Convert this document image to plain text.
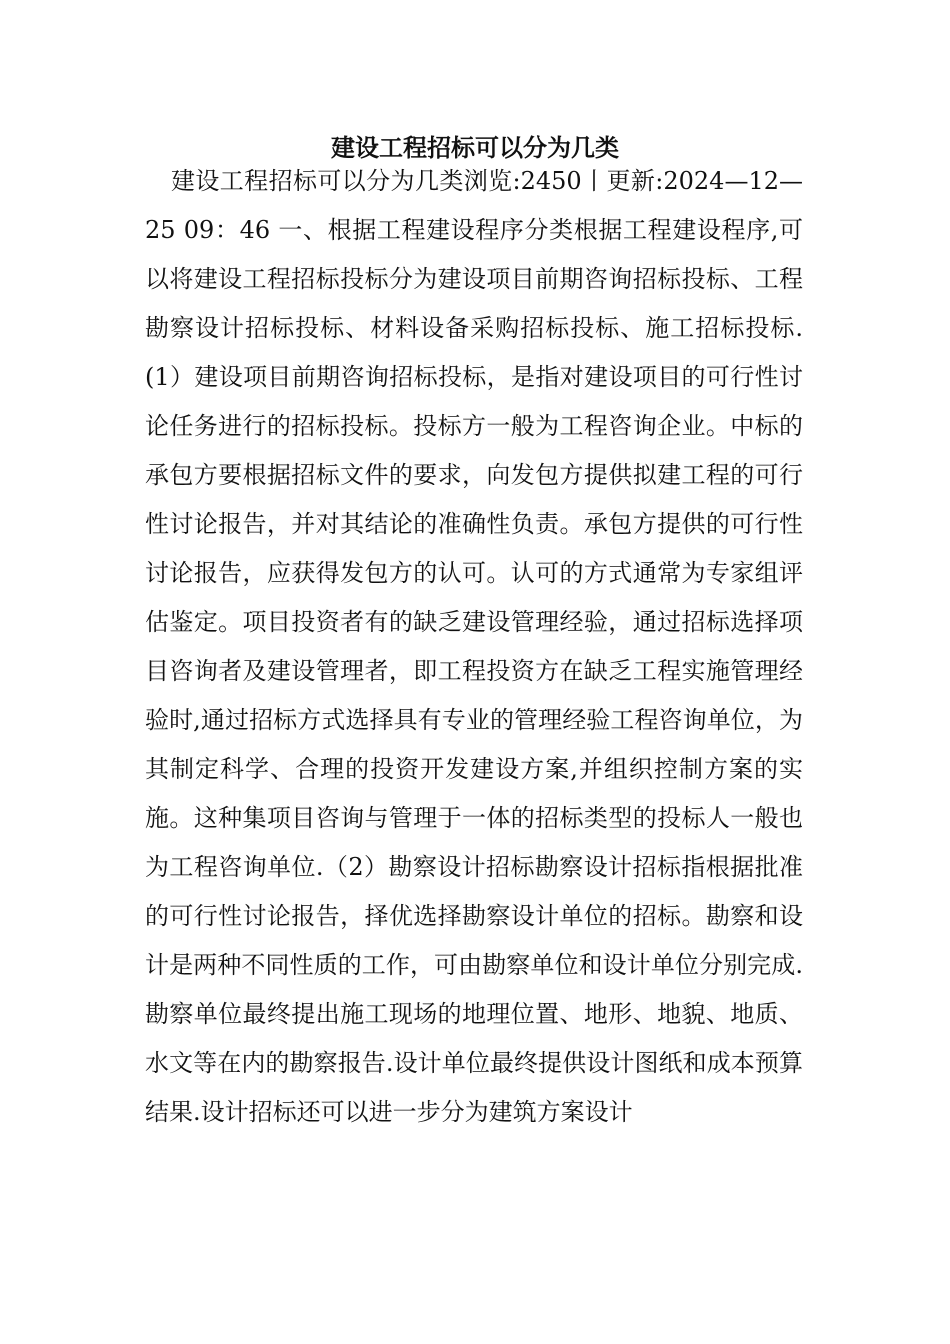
建设工程招标可以分为几类

建设工程招标可以分为几类浏览:2450丨更新:2024—12—25 09：46 一、根据工程建设程序分类根据工程建设程序,可以将建设工程招标投标分为建设项目前期咨询招标投标、工程勘察设计招标投标、材料设备采购招标投标、施工招标投标.(1）建设项目前期咨询招标投标，是指对建设项目的可行性讨论任务进行的招标投标。投标方一般为工程咨询企业。中标的承包方要根据招标文件的要求，向发包方提供拟建工程的可行性讨论报告，并对其结论的准确性负责。承包方提供的可行性讨论报告，应获得发包方的认可。认可的方式通常为专家组评估鉴定。项目投资者有的缺乏建设管理经验，通过招标选择项目咨询者及建设管理者，即工程投资方在缺乏工程实施管理经验时,通过招标方式选择具有专业的管理经验工程咨询单位，为其制定科学、合理的投资开发建设方案,并组织控制方案的实施。这种集项目咨询与管理于一体的招标类型的投标人一般也为工程咨询单位.（2）勘察设计招标勘察设计招标指根据批准的可行性讨论报告，择优选择勘察设计单位的招标。勘察和设计是两种不同性质的工作，可由勘察单位和设计单位分别完成.勘察单位最终提出施工现场的地理位置、地形、地貌、地质、水文等在内的勘察报告.设计单位最终提供设计图纸和成本预算结果.设计招标还可以进一步分为建筑方案设计
